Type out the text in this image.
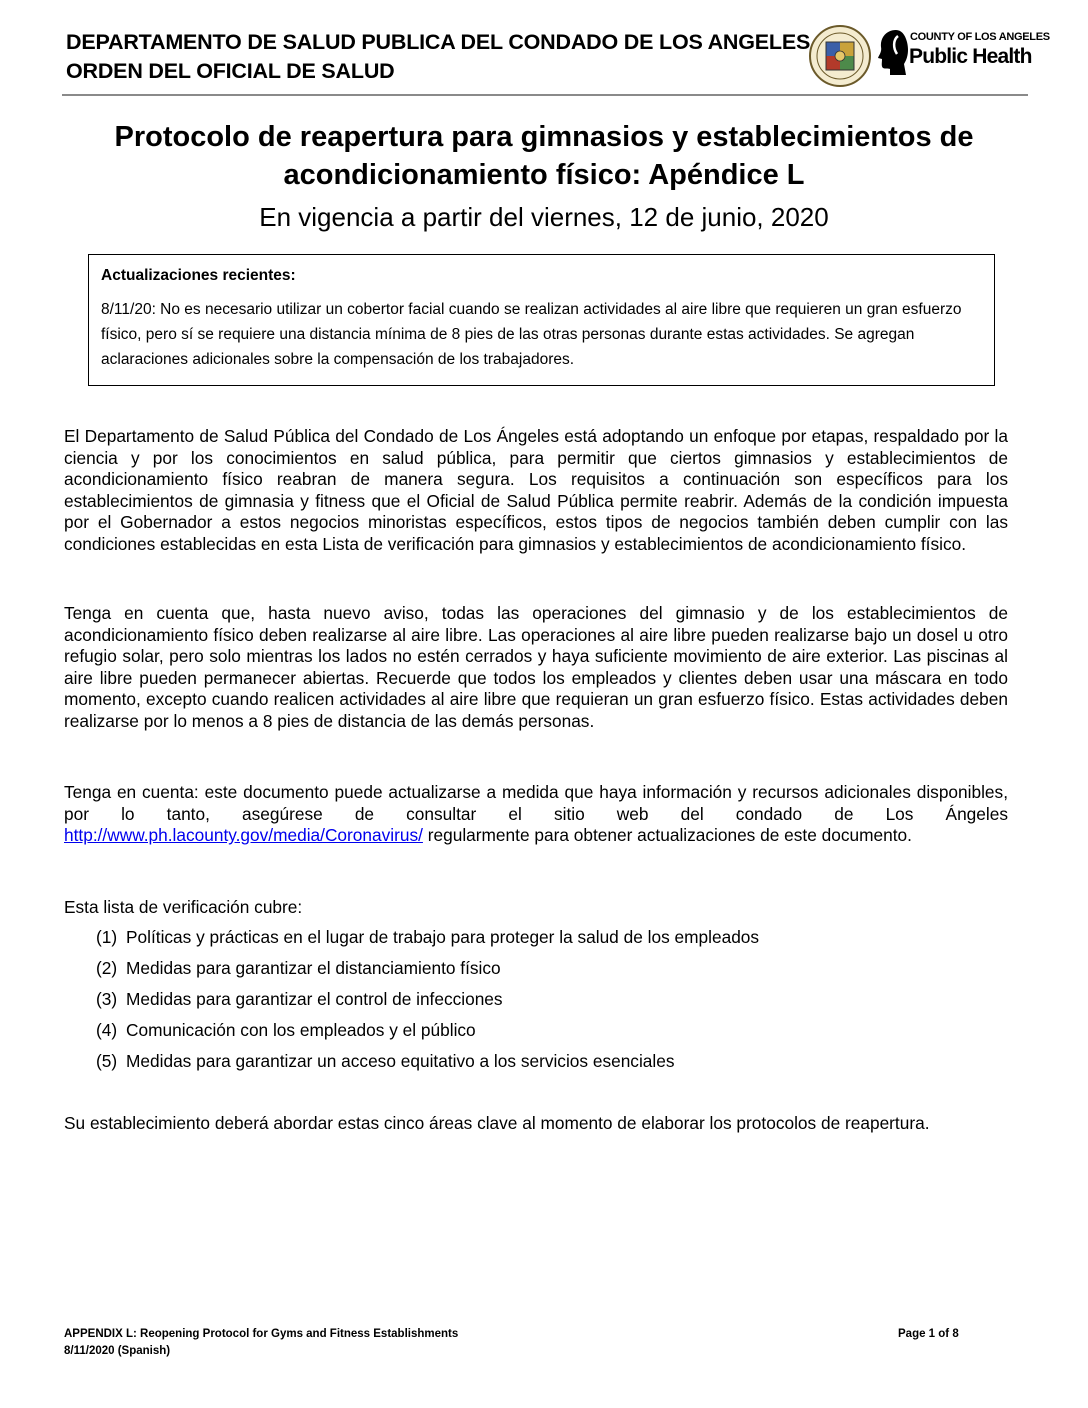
DEPARTAMENTO DE SALUD PUBLICA DEL CONDADO DE LOS ANGELES
ORDEN DEL OFICIAL DE SALUD
COUNTY OF LOS ANGELES
Public Health
Protocolo de reapertura para gimnasios y establecimientos de
acondicionamiento físico: Apéndice L
En vigencia a partir del viernes, 12 de junio, 2020
Actualizaciones recientes:
8/11/20: No es necesario utilizar un cobertor facial cuando se realizan actividades al aire libre que requieren un gran esfuerzo físico, pero sí se requiere una distancia mínima de 8 pies de las otras personas durante estas actividades. Se agregan aclaraciones adicionales sobre la compensación de los trabajadores.
El Departamento de Salud Pública del Condado de Los Ángeles está adoptando un enfoque por etapas, respaldado por la ciencia y por los conocimientos en salud pública, para permitir que ciertos gimnasios y establecimientos de acondicionamiento físico reabran de manera segura. Los requisitos a continuación son específicos para los establecimientos de gimnasia y fitness que el Oficial de Salud Pública permite reabrir. Además de la condición impuesta por el Gobernador a estos negocios minoristas específicos, estos tipos de negocios también deben cumplir con las condiciones establecidas en esta Lista de verificación para gimnasios y establecimientos de acondicionamiento físico.
Tenga en cuenta que, hasta nuevo aviso, todas las operaciones del gimnasio y de los establecimientos de acondicionamiento físico deben realizarse al aire libre. Las operaciones al aire libre pueden realizarse bajo un dosel u otro refugio solar, pero solo mientras los lados no estén cerrados y haya suficiente movimiento de aire exterior. Las piscinas al aire libre pueden permanecer abiertas. Recuerde que todos los empleados y clientes deben usar una máscara en todo momento, excepto cuando realicen actividades al aire libre que requieran un gran esfuerzo físico. Estas actividades deben realizarse por lo menos a 8 pies de distancia de las demás personas.
Tenga en cuenta: este documento puede actualizarse a medida que haya información y recursos adicionales disponibles, por lo tanto, asegúrese de consultar el sitio web del condado de Los Ángeles http://www.ph.lacounty.gov/media/Coronavirus/ regularmente para obtener actualizaciones de este documento.
Esta lista de verificación cubre:
(1) Políticas y prácticas en el lugar de trabajo para proteger la salud de los empleados
(2) Medidas para garantizar el distanciamiento físico
(3) Medidas para garantizar el control de infecciones
(4) Comunicación con los empleados y el público
(5) Medidas para garantizar un acceso equitativo a los servicios esenciales
Su establecimiento deberá abordar estas cinco áreas clave al momento de elaborar los protocolos de reapertura.
APPENDIX L: Reopening Protocol for Gyms and Fitness Establishments
8/11/2020 (Spanish)
Page 1 of 8
